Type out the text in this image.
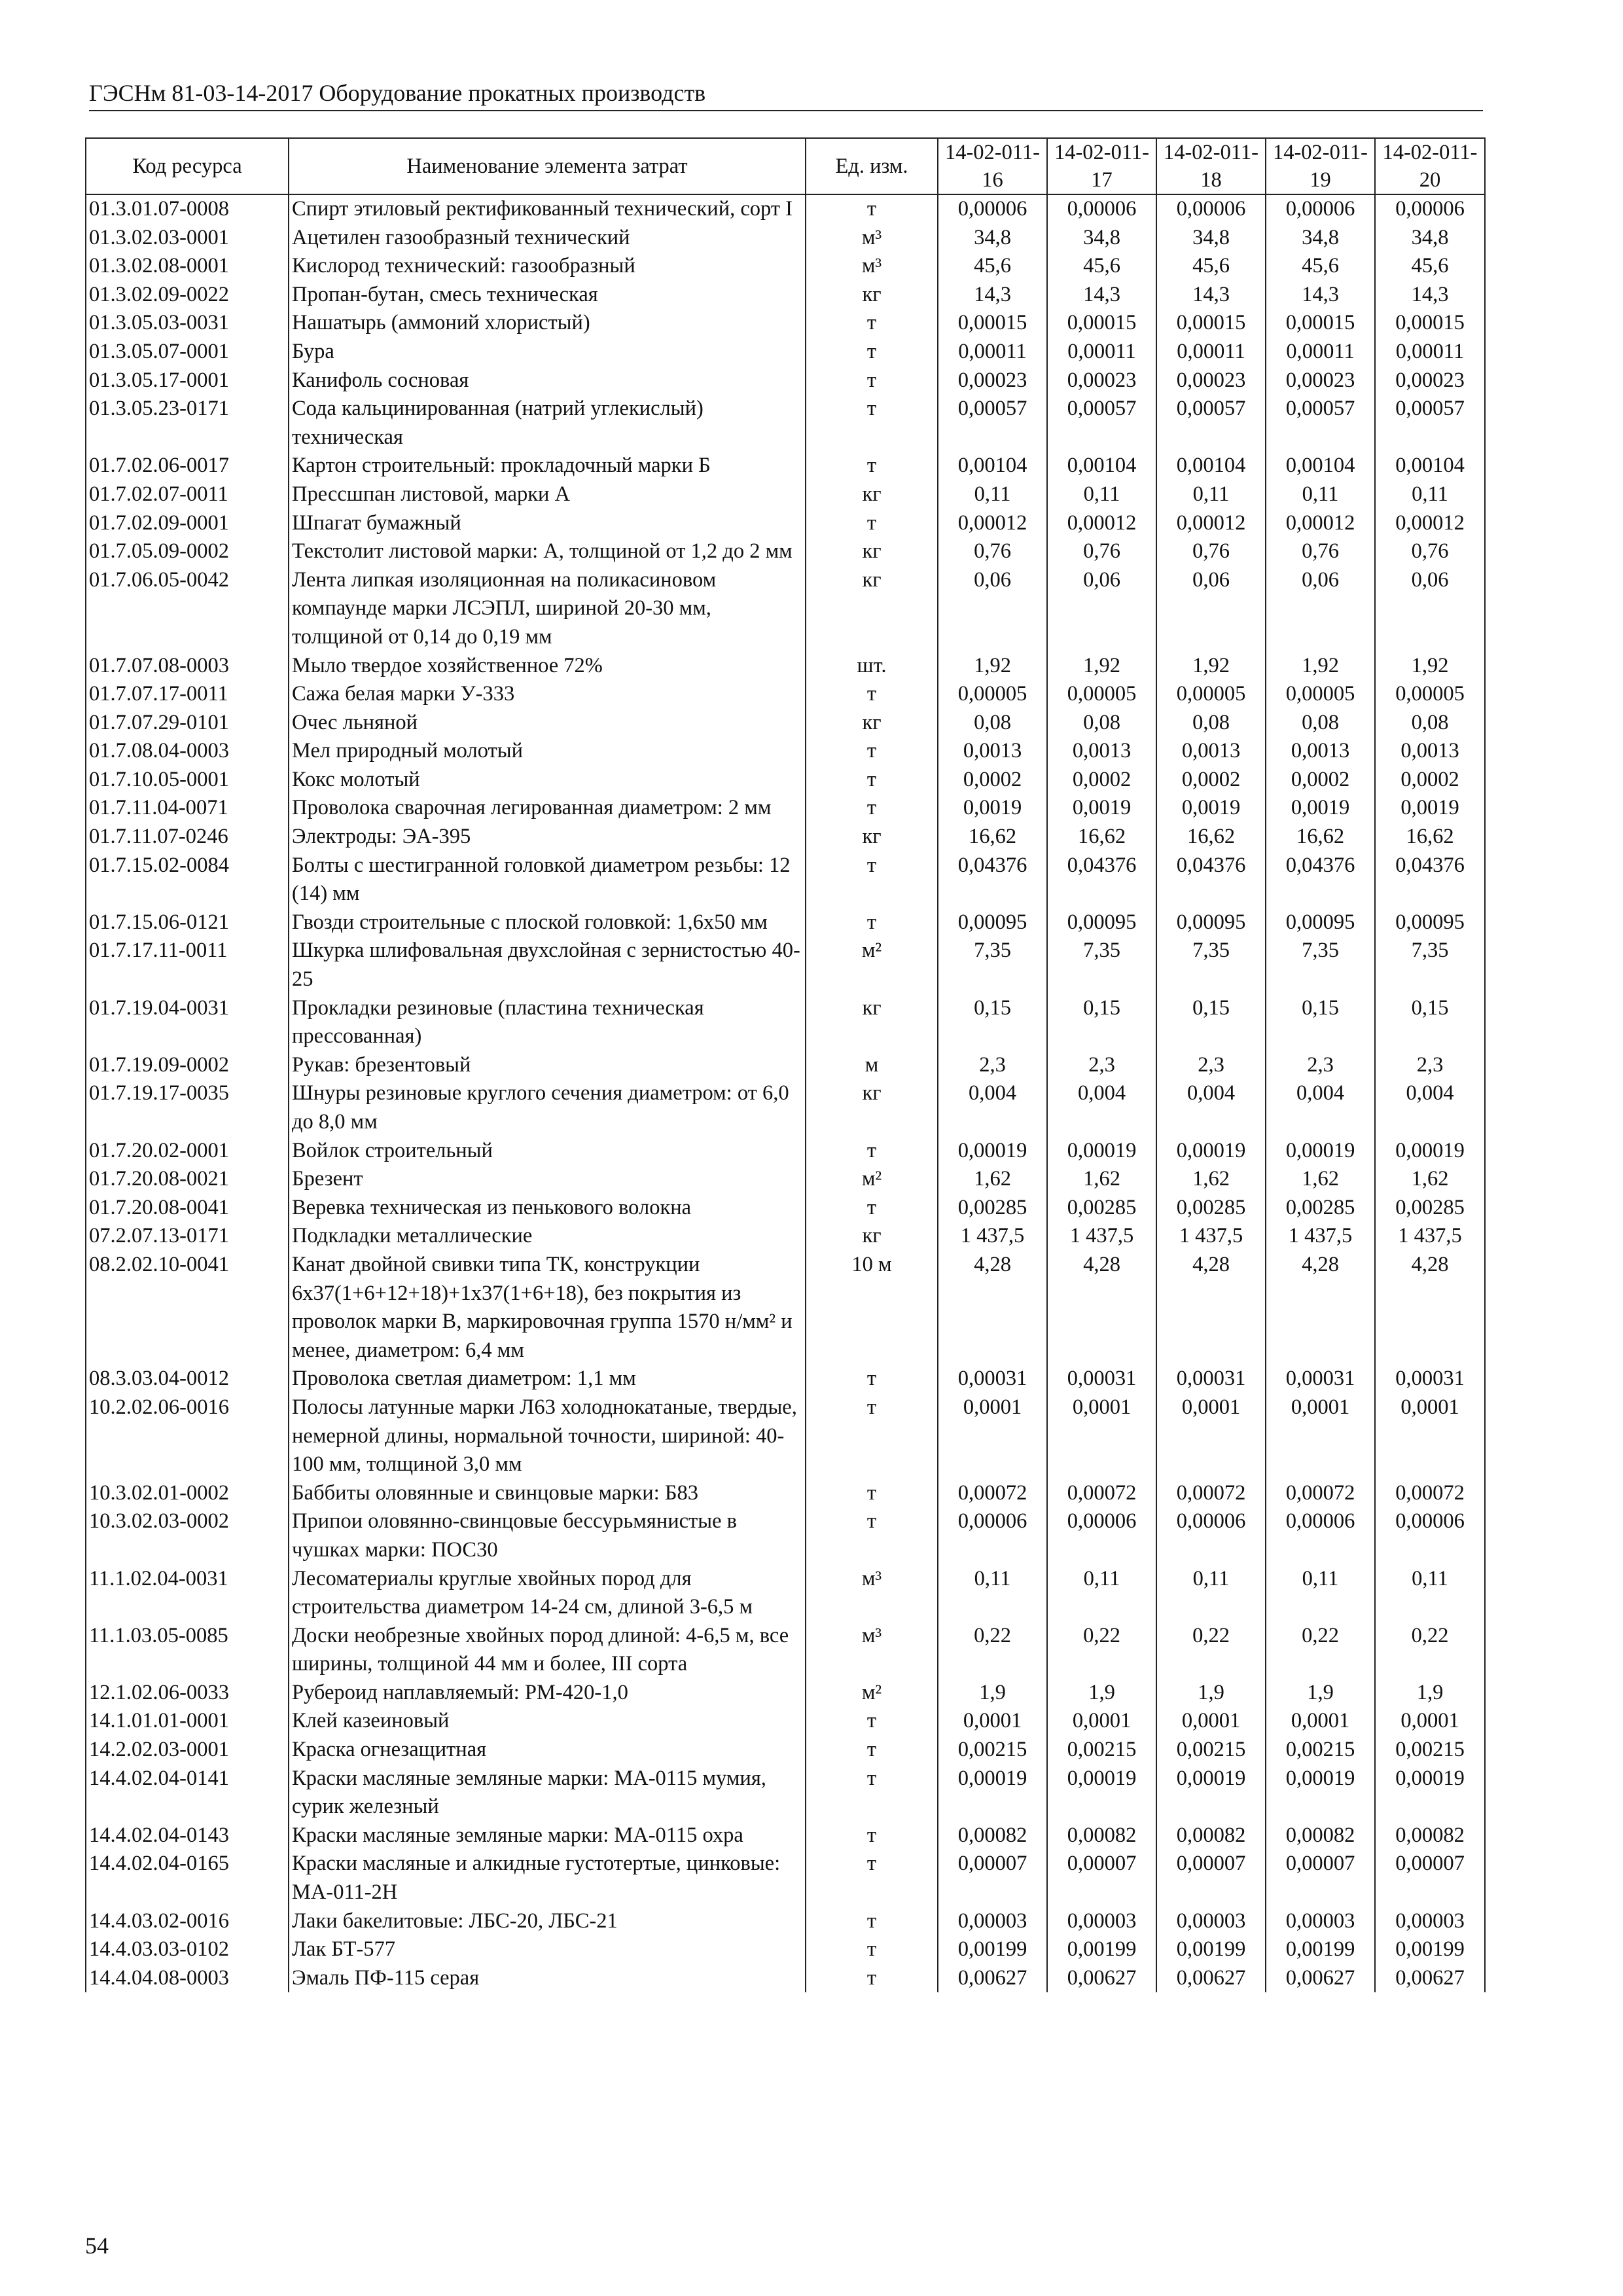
ГЭСНм 81-03-14-2017 Оборудование прокатных производств
Код ресурса	Наименование элемента затрат	Ед. изм.	14-02-011-16	14-02-011-17	14-02-011-18	14-02-011-19	14-02-011-20
01.3.01.07-0008	Спирт этиловый ректификованный технический, сорт I	т	0,00006	0,00006	0,00006	0,00006	0,00006
01.3.02.03-0001	Ацетилен газообразный технический	м³	34,8	34,8	34,8	34,8	34,8
01.3.02.08-0001	Кислород технический: газообразный	м³	45,6	45,6	45,6	45,6	45,6
01.3.02.09-0022	Пропан-бутан, смесь техническая	кг	14,3	14,3	14,3	14,3	14,3
01.3.05.03-0031	Нашатырь (аммоний хлористый)	т	0,00015	0,00015	0,00015	0,00015	0,00015
01.3.05.07-0001	Бура	т	0,00011	0,00011	0,00011	0,00011	0,00011
01.3.05.17-0001	Канифоль сосновая	т	0,00023	0,00023	0,00023	0,00023	0,00023
01.3.05.23-0171	Сода кальцинированная (натрий углекислый) техническая	т	0,00057	0,00057	0,00057	0,00057	0,00057
01.7.02.06-0017	Картон строительный: прокладочный марки Б	т	0,00104	0,00104	0,00104	0,00104	0,00104
01.7.02.07-0011	Прессшпан листовой, марки А	кг	0,11	0,11	0,11	0,11	0,11
01.7.02.09-0001	Шпагат бумажный	т	0,00012	0,00012	0,00012	0,00012	0,00012
01.7.05.09-0002	Текстолит листовой марки: А, толщиной от 1,2 до 2 мм	кг	0,76	0,76	0,76	0,76	0,76
01.7.06.05-0042	Лента липкая изоляционная на поликасиновом компаунде марки ЛСЭПЛ, шириной 20-30 мм, толщиной от 0,14 до 0,19 мм	кг	0,06	0,06	0,06	0,06	0,06
01.7.07.08-0003	Мыло твердое хозяйственное 72%	шт.	1,92	1,92	1,92	1,92	1,92
01.7.07.17-0011	Сажа белая марки У-333	т	0,00005	0,00005	0,00005	0,00005	0,00005
01.7.07.29-0101	Очес льняной	кг	0,08	0,08	0,08	0,08	0,08
01.7.08.04-0003	Мел природный молотый	т	0,0013	0,0013	0,0013	0,0013	0,0013
01.7.10.05-0001	Кокс молотый	т	0,0002	0,0002	0,0002	0,0002	0,0002
01.7.11.04-0071	Проволока сварочная легированная диаметром: 2 мм	т	0,0019	0,0019	0,0019	0,0019	0,0019
01.7.11.07-0246	Электроды: ЭА-395	кг	16,62	16,62	16,62	16,62	16,62
01.7.15.02-0084	Болты с шестигранной головкой диаметром резьбы: 12 (14) мм	т	0,04376	0,04376	0,04376	0,04376	0,04376
01.7.15.06-0121	Гвозди строительные с плоской головкой: 1,6х50 мм	т	0,00095	0,00095	0,00095	0,00095	0,00095
01.7.17.11-0011	Шкурка шлифовальная двухслойная с зернистостью 40-25	м²	7,35	7,35	7,35	7,35	7,35
01.7.19.04-0031	Прокладки резиновые (пластина техническая прессованная)	кг	0,15	0,15	0,15	0,15	0,15
01.7.19.09-0002	Рукав: брезентовый	м	2,3	2,3	2,3	2,3	2,3
01.7.19.17-0035	Шнуры резиновые круглого сечения диаметром: от 6,0 до 8,0 мм	кг	0,004	0,004	0,004	0,004	0,004
01.7.20.02-0001	Войлок строительный	т	0,00019	0,00019	0,00019	0,00019	0,00019
01.7.20.08-0021	Брезент	м²	1,62	1,62	1,62	1,62	1,62
01.7.20.08-0041	Веревка техническая из пенькового волокна	т	0,00285	0,00285	0,00285	0,00285	0,00285
07.2.07.13-0171	Подкладки металлические	кг	1 437,5	1 437,5	1 437,5	1 437,5	1 437,5
08.2.02.10-0041	Канат двойной свивки типа ТК, конструкции 6х37(1+6+12+18)+1х37(1+6+18), без покрытия из проволок марки В, маркировочная группа 1570 н/мм² и менее, диаметром: 6,4 мм	10 м	4,28	4,28	4,28	4,28	4,28
08.3.03.04-0012	Проволока светлая диаметром: 1,1 мм	т	0,00031	0,00031	0,00031	0,00031	0,00031
10.2.02.06-0016	Полосы латунные марки Л63 холоднокатаные, твердые, немерной длины, нормальной точности, шириной: 40-100 мм, толщиной 3,0 мм	т	0,0001	0,0001	0,0001	0,0001	0,0001
10.3.02.01-0002	Баббиты оловянные и свинцовые марки: Б83	т	0,00072	0,00072	0,00072	0,00072	0,00072
10.3.02.03-0002	Припои оловянно-свинцовые бессурьмянистые в чушках марки: ПОС30	т	0,00006	0,00006	0,00006	0,00006	0,00006
11.1.02.04-0031	Лесоматериалы круглые хвойных пород для строительства диаметром 14-24 см, длиной 3-6,5 м	м³	0,11	0,11	0,11	0,11	0,11
11.1.03.05-0085	Доски необрезные хвойных пород длиной: 4-6,5 м, все ширины, толщиной 44 мм и более, III сорта	м³	0,22	0,22	0,22	0,22	0,22
12.1.02.06-0033	Рубероид наплавляемый: РМ-420-1,0	м²	1,9	1,9	1,9	1,9	1,9
14.1.01.01-0001	Клей казеиновый	т	0,0001	0,0001	0,0001	0,0001	0,0001
14.2.02.03-0001	Краска огнезащитная	т	0,00215	0,00215	0,00215	0,00215	0,00215
14.4.02.04-0141	Краски масляные земляные марки: МА-0115 мумия, сурик железный	т	0,00019	0,00019	0,00019	0,00019	0,00019
14.4.02.04-0143	Краски масляные земляные марки: МА-0115 охра	т	0,00082	0,00082	0,00082	0,00082	0,00082
14.4.02.04-0165	Краски масляные и алкидные густотертые, цинковые: МА-011-2Н	т	0,00007	0,00007	0,00007	0,00007	0,00007
14.4.03.02-0016	Лаки бакелитовые: ЛБС-20, ЛБС-21	т	0,00003	0,00003	0,00003	0,00003	0,00003
14.4.03.03-0102	Лак БТ-577	т	0,00199	0,00199	0,00199	0,00199	0,00199
14.4.04.08-0003	Эмаль ПФ-115 серая	т	0,00627	0,00627	0,00627	0,00627	0,00627
54
